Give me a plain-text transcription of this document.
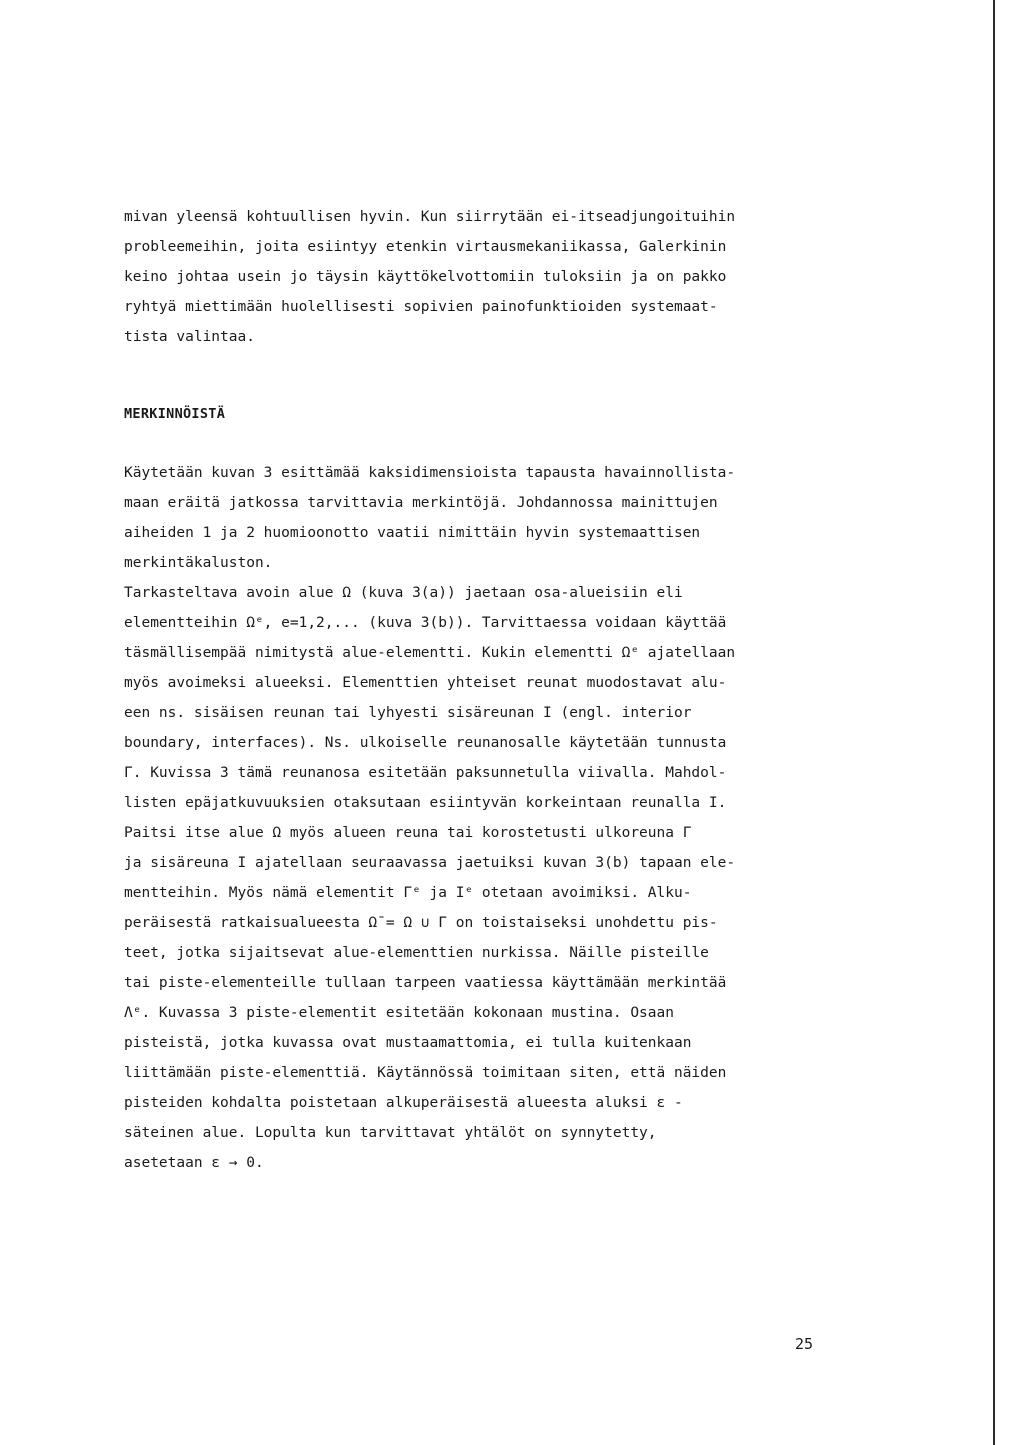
mivan yleensä kohtuullisen hyvin. Kun siirrytään ei-itseadjungoituihin
probleemeihin, joita esiintyy etenkin virtausmekaniikassa, Galerkinin
keino johtaa usein jo täysin käyttökelvottomiin tuloksiin ja on pakko
ryhtyä miettimään huolellisesti sopivien painofunktioiden systemaat-
tista valintaa.

MERKINNÖISTÄ

Käytetään kuvan 3 esittämää kaksidimensioista tapausta havainnollista-
maan eräitä jatkossa tarvittavia merkintöjä. Johdannossa mainittujen
aiheiden 1 ja 2 huomioonotto vaatii nimittäin hyvin systemaattisen
merkintäkaluston.

Tarkasteltava avoin alue Ω (kuva 3(a)) jaetaan osa-alueisiin eli
elementteihin Ωᵉ, e=1,2,... (kuva 3(b)). Tarvittaessa voidaan käyttää
täsmällisempää nimitystä alue-elementti. Kukin elementti Ωᵉ ajatellaan
myös avoimeksi alueeksi. Elementtien yhteiset reunat muodostavat alu-
een ns. sisäisen reunan tai lyhyesti sisäreunan I (engl. interior
boundary, interfaces). Ns. ulkoiselle reunanosalle käytetään tunnusta
Γ. Kuvissa 3 tämä reunanosa esitetään paksunnetulla viivalla. Mahdol-
listen epäjatkuvuuksien otaksutaan esiintyvän korkeintaan reunalla I.

Paitsi itse alue Ω myös alueen reuna tai korostetusti ulkoreuna Γ
ja sisäreuna I ajatellaan seuraavassa jaetuiksi kuvan 3(b) tapaan ele-
mentteihin. Myös nämä elementit Γᵉ ja Iᵉ otetaan avoimiksi. Alku-
peräisestä ratkaisualueesta Ω̄ = Ω ∪ Γ on toistaiseksi unohdettu pis-
teet, jotka sijaitsevat alue-elementtien nurkissa. Näille pisteille
tai piste-elementeille tullaan tarpeen vaatiessa käyttämään merkintää
Λᵉ. Kuvassa 3 piste-elementit esitetään kokonaan mustina. Osaan
pisteistä, jotka kuvassa ovat mustaamattomia, ei tulla kuitenkaan
liittämään piste-elementtiä. Käytännössä toimitaan siten, että näiden
pisteiden kohdalta poistetaan alkuperäisestä alueesta aluksi ε -
säteinen alue. Lopulta kun tarvittavat yhtälöt on synnytetty,
asetetaan ε → 0.

25
